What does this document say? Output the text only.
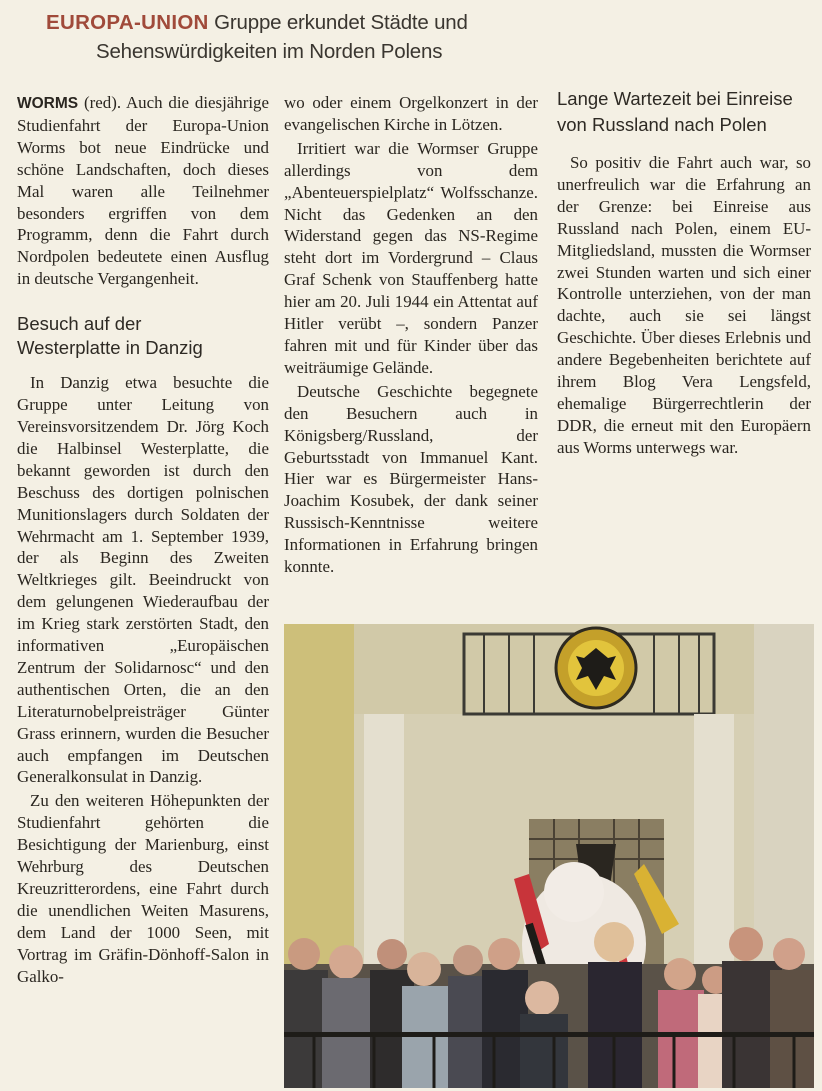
EUROPA-UNION Gruppe erkundet Städte und
Sehenswürdigkeiten im Norden Polens

WORMS (red). Auch die diesjährige Studienfahrt der Europa-Union Worms bot neue Eindrücke und schöne Landschaften, doch dieses Mal waren alle Teilnehmer besonders ergriffen von dem Programm, denn die Fahrt durch Nordpolen bedeutete einen Ausflug in deutsche Vergangenheit.

Besuch auf der
Westerplatte in Danzig

In Danzig etwa besuchte die Gruppe unter Leitung von Vereinsvorsitzendem Dr. Jörg Koch die Halbinsel Westerplatte, die bekannt geworden ist durch den Beschuss des dortigen polnischen Munitionslagers durch Soldaten der Wehrmacht am 1. September 1939, der als Beginn des Zweiten Weltkrieges gilt. Beeindruckt von dem gelungenen Wiederaufbau der im Krieg stark zerstörten Stadt, den informativen „Europäischen Zentrum der Solidarnosc“ und den authentischen Orten, die an den Literaturnobelpreisträger Günter Grass erinnern, wurden die Besucher auch empfangen im Deutschen Generalkonsulat in Danzig.

Zu den weiteren Höhepunkten der Studienfahrt gehörten die Besichtigung der Marienburg, einst Wehrburg des Deutschen Kreuzritterordens, eine Fahrt durch die unendlichen Weiten Masurens, dem Land der 1000 Seen, mit Vortrag im Gräfin-Dönhoff-Salon in Galko-

wo oder einem Orgelkonzert in der evangelischen Kirche in Lötzen.

Irritiert war die Wormser Gruppe allerdings von dem „Abenteuerspielplatz“ Wolfsschanze. Nicht das Gedenken an den Widerstand gegen das NS-Regime steht dort im Vordergrund – Claus Graf Schenk von Stauffenberg hatte hier am 20. Juli 1944 ein Attentat auf Hitler verübt –, sondern Panzer fahren mit und für Kinder über das weiträumige Gelände.

Deutsche Geschichte begegnete den Besuchern auch in Königsberg/Russland, der Geburtsstadt von Immanuel Kant. Hier war es Bürgermeister Hans-Joachim Kosubek, der dank seiner Russisch-Kenntnisse weitere Informationen in Erfahrung bringen konnte.

Lange Wartezeit bei Einreise
von Russland nach Polen

So positiv die Fahrt auch war, so unerfreulich war die Erfahrung an der Grenze: bei Einreise aus Russland nach Polen, einem EU-Mitgliedsland, mussten die Wormser zwei Stunden warten und sich einer Kontrolle unterziehen, von der man dachte, auch sie sei längst Geschichte. Über dieses Erlebnis und andere Begebenheiten berichtete auf ihrem Blog Vera Lengsfeld, ehemalige Bürgerrechtlerin der DDR, die erneut mit den Europäern aus Worms unterwegs war.
